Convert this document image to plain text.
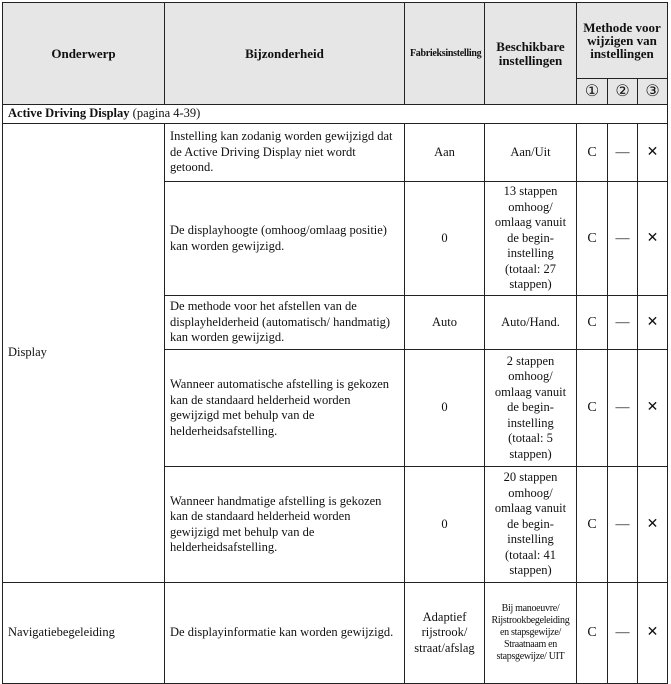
Onderwerp	Bijzonderheid	Fabrieksinstelling	Beschikbare instellingen	Methode voor wijzigen van instellingen		
				①	②	③
Active Driving Display (pagina 4-39)						
Display	Instelling kan zodanig worden gewijzigd dat de Active Driving Display niet wordt getoond.	Aan	Aan/Uit	C	—	✕
	De displayhoogte (omhoog/omlaag positie) kan worden gewijzigd.	0	13 stappen omhoog/ omlaag vanuit de begin-instelling (totaal: 27 stappen)	C	—	✕
	De methode voor het afstellen van de displayhelderheid (automatisch/ handmatig) kan worden gewijzigd.	Auto	Auto/Hand.	C	—	✕
	Wanneer automatische afstelling is gekozen kan de standaard helderheid worden gewijzigd met behulp van de helderheidsafstelling.	0	2 stappen omhoog/ omlaag vanuit de begin-instelling (totaal: 5 stappen)	C	—	✕
	Wanneer handmatige afstelling is gekozen kan de standaard helderheid worden gewijzigd met behulp van de helderheidsafstelling.	0	20 stappen omhoog/ omlaag vanuit de begin-instelling (totaal: 41 stappen)	C	—	✕
Navigatiebegeleiding	De displayinformatie kan worden gewijzigd.	Adaptief rijstrook/ straat/afslag	Bij manoeuvre/ Rijstrookbegeleiding en stapsgewijze/ Straatnaam en stapsgewijze/ UIT	C	—	✕
